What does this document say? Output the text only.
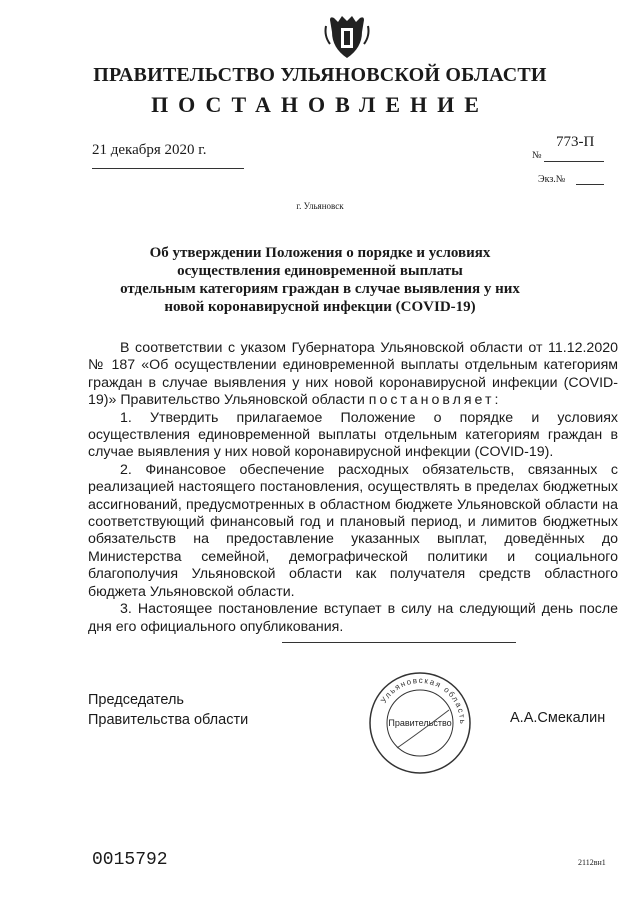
ПРАВИТЕЛЬСТВО УЛЬЯНОВСКОЙ ОБЛАСТИ
ПОСТАНОВЛЕНИЕ
21 декабря 2020 г.	773-П
№
Экз.№
г. Ульяновск
Об утверждении Положения о порядке и условиях
осуществления единовременной выплаты
отдельным категориям граждан в случае выявления у них
новой коронавирусной инфекции (COVID-19)

В соответствии с указом Губернатора Ульяновской области от 11.12.2020 № 187 «Об осуществлении единовременной выплаты отдельным категориям граждан в случае выявления у них новой коронавирусной инфекции (COVID-19)» Правительство Ульяновской области постановляет:

1. Утвердить прилагаемое Положение о порядке и условиях осуществления единовременной выплаты отдельным категориям граждан в случае выявления у них новой коронавирусной инфекции (COVID-19).

2. Финансовое обеспечение расходных обязательств, связанных с реализацией настоящего постановления, осуществлять в пределах бюджетных ассигнований, предусмотренных в областном бюджете Ульяновской области на соответствующий финансовый год и плановый период, и лимитов бюджетных обязательств на предоставление указанных выплат, доведённых до Министерства семейной, демографической политики и социального благополучия Ульяновской области как получателя средств областного бюджета Ульяновской области.

3. Настоящее постановление вступает в силу на следующий день после дня его официального опубликования.

Председатель
Правительства области
Ульяновская область
Правительство	А.А.Смекалин
0015792	2112вн1
